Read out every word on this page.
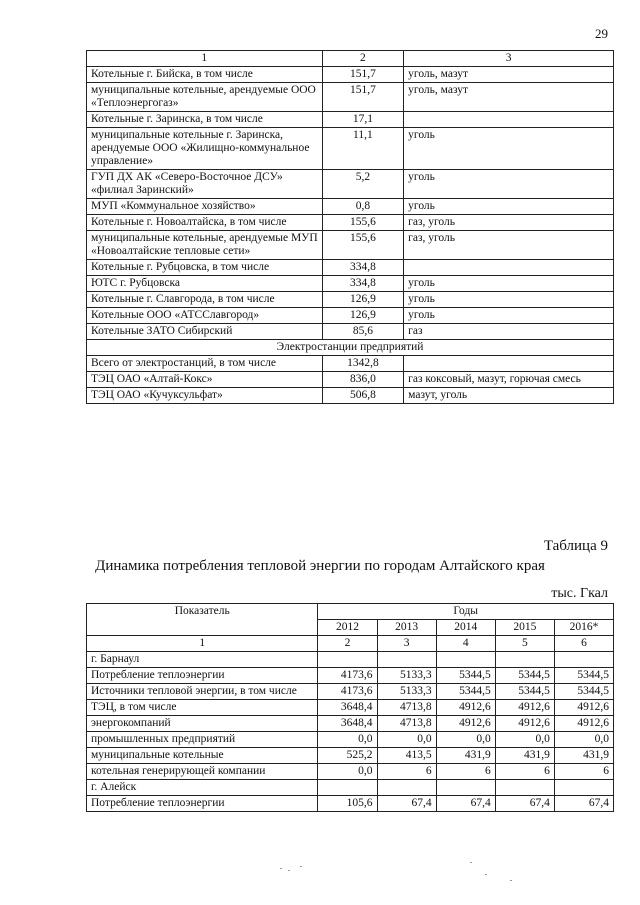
29
1	2	3
Котельные г. Бийска, в том числе	151,7	уголь, мазут
муниципальные котельные, арендуемые ООО «Теплоэнергогаз»	151,7	уголь, мазут
Котельные г. Заринска, в том числе	17,1	
муниципальные котельные г. Заринска, арендуемые ООО «Жилищно-коммунальное управление»	11,1	уголь
ГУП ДХ АК «Северо-Восточное ДСУ» «филиал Заринский»	5,2	уголь
МУП «Коммунальное хозяйство»	0,8	уголь
Котельные г. Новоалтайска, в том числе	155,6	газ, уголь
муниципальные котельные, арендуемые МУП «Новоалтайские тепловые сети»	155,6	газ, уголь
Котельные г. Рубцовска, в том числе	334,8	
ЮТС г. Рубцовска	334,8	уголь
Котельные г. Славгорода, в том числе	126,9	уголь
Котельные ООО «АТССлавгород»	126,9	уголь
Котельные ЗАТО Сибирский	85,6	газ
Электростанции предприятий		
Всего от электростанций, в том числе	1342,8	
ТЭЦ ОАО «Алтай-Кокс»	836,0	газ коксовый, мазут, горючая смесь
ТЭЦ ОАО «Кучуксульфат»	506,8	мазут, уголь
Таблица 9
Динамика потребления тепловой энергии по городам Алтайского края
тыс. Гкал
Показатель	Годы				
	2012	2013	2014	2015	2016*
1	2	3	4	5	6
г. Барнаул					
Потребление теплоэнергии	4173,6	5133,3	5344,5	5344,5	5344,5
Источники тепловой энергии, в том числе	4173,6	5133,3	5344,5	5344,5	5344,5
ТЭЦ, в том числе	3648,4	4713,8	4912,6	4912,6	4912,6
энергокомпаний	3648,4	4713,8	4912,6	4912,6	4912,6
промышленных предприятий	0,0	0,0	0,0	0,0	0,0
муниципальные котельные	525,2	413,5	431,9	431,9	431,9
котельная генерирующей компании	0,0	6	6	6	6
г. Алейск					
Потребление теплоэнергии	105,6	67,4	67,4	67,4	67,4
